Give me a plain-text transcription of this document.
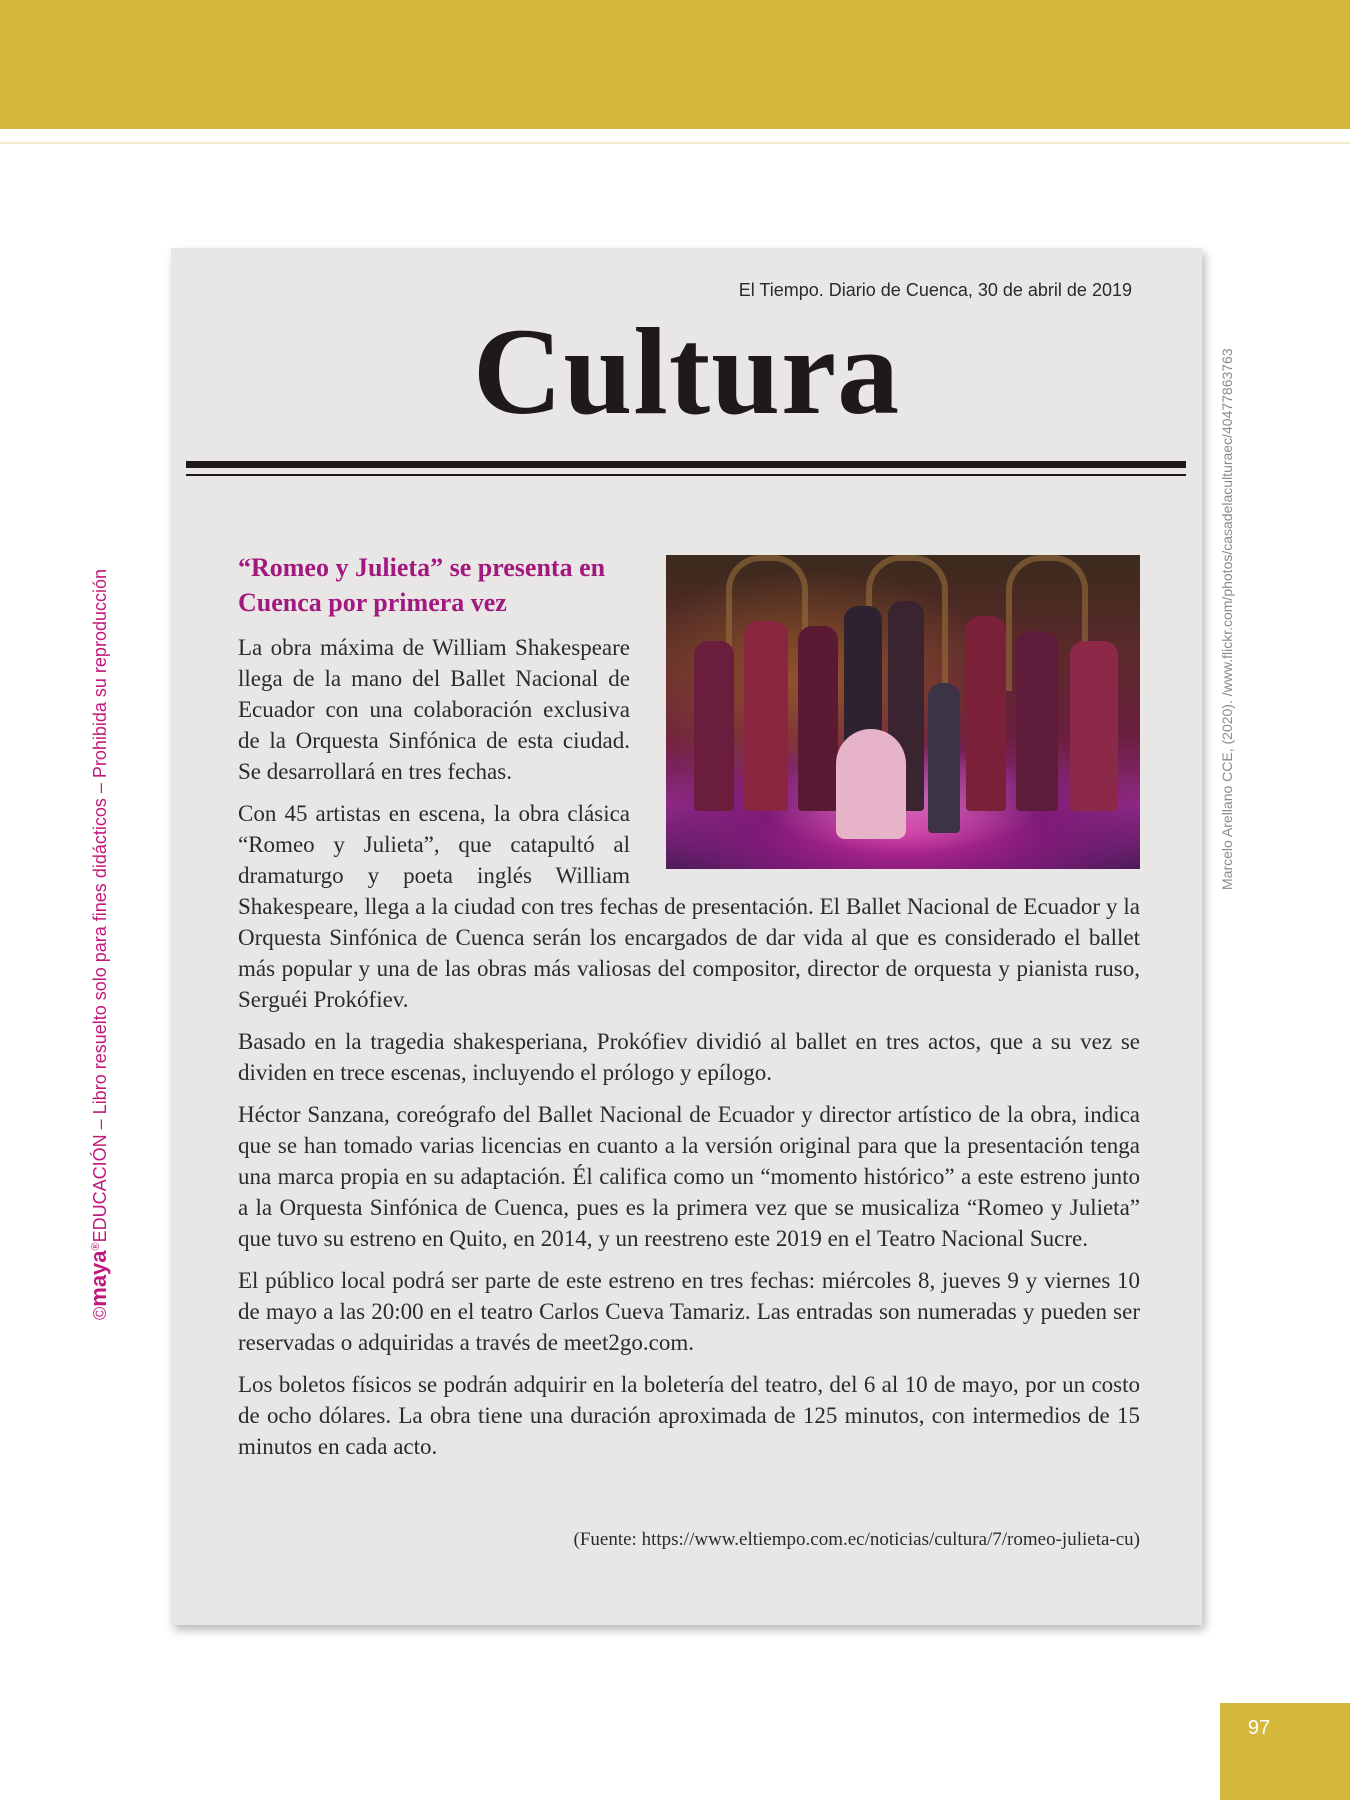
©maya®EDUCACIÓN – Libro resuelto solo para fines didácticos – Prohibida su reproducción	Marcelo Arellano CCE, (2020). /www.flickr.com/photos/casadelaculturaec/40477863763
El Tiempo. Diario de Cuenca, 30 de abril de 2019
Cultura
“Romeo y Julieta” se presenta en Cuenca por primera vez

La obra máxima de William Shakespeare llega de la mano del Ballet Nacional de Ecuador con una colaboración exclusiva de la Orquesta Sinfónica de esta ciudad. Se desarrollará en tres fechas.

Con 45 artistas en escena, la obra clásica “Romeo y Julieta”, que catapultó al dramaturgo y poeta inglés William Shakespeare, llega a la ciudad con tres fechas de presentación. El Ballet Nacional de Ecuador y la Orquesta Sinfónica de Cuenca serán los encargados de dar vida al que es considerado el ballet más popular y una de las obras más valiosas del compositor, director de orquesta y pianista ruso, Serguéi Prokófiev.

Basado en la tragedia shakesperiana, Prokófiev dividió al ballet en tres actos, que a su vez se dividen en trece escenas, incluyendo el prólogo y epílogo.

Héctor Sanzana, coreógrafo del Ballet Nacional de Ecuador y director artístico de la obra, indica que se han tomado varias licencias en cuanto a la versión original para que la presentación tenga una marca propia en su adaptación. Él califica como un “momento histórico” a este estreno junto a la Orquesta Sinfónica de Cuenca, pues es la primera vez que se musicaliza “Romeo y Julieta” que tuvo su estreno en Quito, en 2014, y un reestreno este 2019 en el Teatro Nacional Sucre.

El público local podrá ser parte de este estreno en tres fechas: miércoles 8, jueves 9 y viernes 10 de mayo a las 20:00 en el teatro Carlos Cueva Tamariz. Las entradas son numeradas y pueden ser reservadas o adquiridas a través de meet2go.com.

Los boletos físicos se podrán adquirir en la boletería del teatro, del 6 al 10 de mayo, por un costo de ocho dólares. La obra tiene una duración aproximada de 125 minutos, con intermedios de 15 minutos en cada acto.

(Fuente: https://www.eltiempo.com.ec/noticias/cultura/7/romeo-julieta-cu)
97
